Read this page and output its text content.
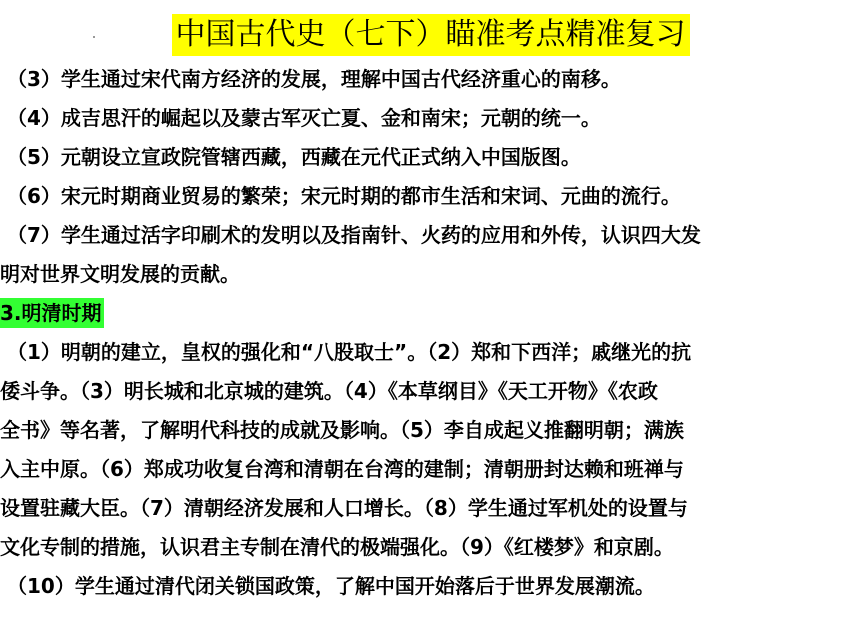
中国古代史（七下）瞄准考点精准复习

（3）学生通过宋代南方经济的发展，理解中国古代经济重心的南移。

（4）成吉思汗的崛起以及蒙古军灭亡夏、金和南宋；元朝的统一。

（5）元朝设立宣政院管辖西藏，西藏在元代正式纳入中国版图。

（6）宋元时期商业贸易的繁荣；宋元时期的都市生活和宋词、元曲的流行。

（7）学生通过活字印刷术的发明以及指南针、火药的应用和外传，认识四大发

明对世界文明发展的贡献。

3.明清时期

（1）明朝的建立，皇权的强化和“八股取士”。（2）郑和下西洋；戚继光的抗

倭斗争。（3）明长城和北京城的建筑。（4）《本草纲目》《天工开物》《农政

全书》等名著，了解明代科技的成就及影响。（5）李自成起义推翻明朝；满族

入主中原。（6）郑成功收复台湾和清朝在台湾的建制；清朝册封达赖和班禅与

设置驻藏大臣。（7）清朝经济发展和人口增长。（8）学生通过军机处的设置与

文化专制的措施，认识君主专制在清代的极端强化。（9）《红楼梦》和京剧。

（10）学生通过清代闭关锁国政策，了解中国开始落后于世界发展潮流。
